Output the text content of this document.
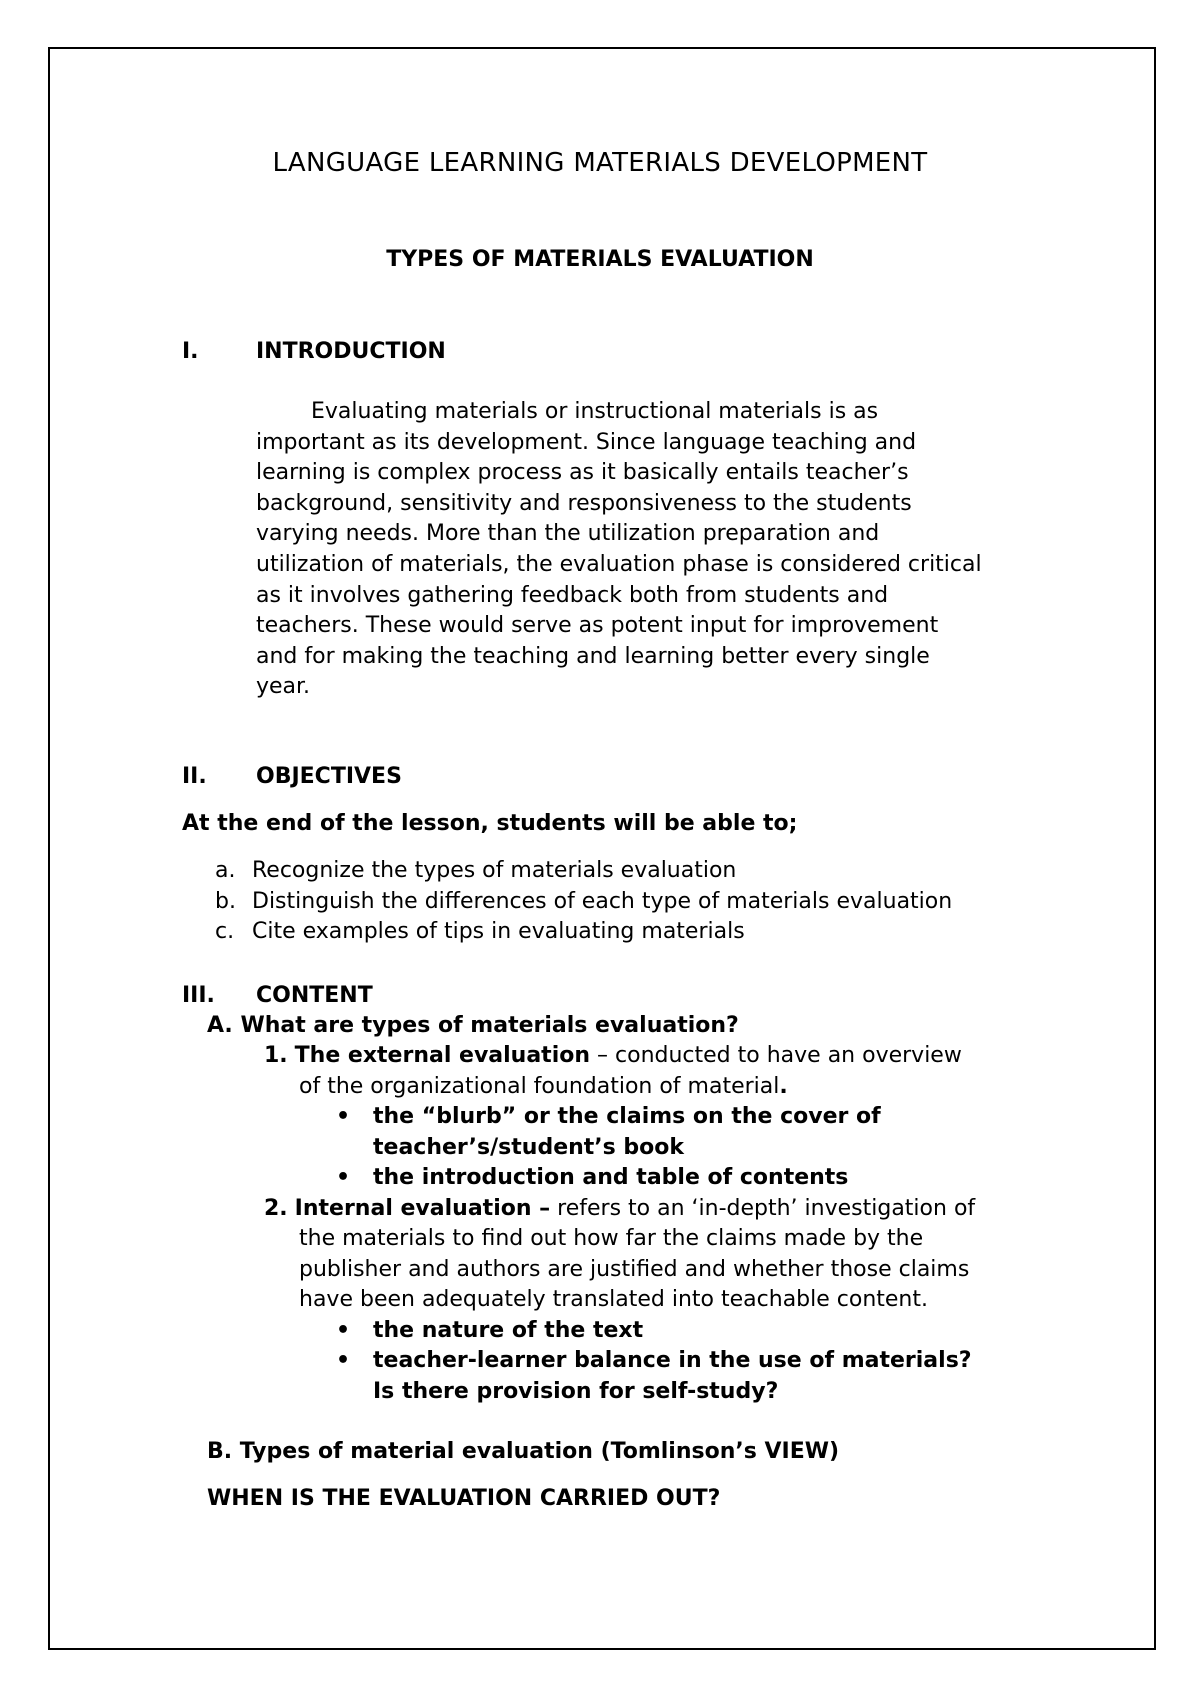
LANGUAGE LEARNING MATERIALS DEVELOPMENT
TYPES OF MATERIALS EVALUATION
I.	INTRODUCTION
Evaluating materials or instructional materials is as
important as its development. Since language teaching and
learning is complex process as it basically entails teacher’s
background, sensitivity and responsiveness to the students
varying needs. More than the utilization preparation and
utilization of materials, the evaluation phase is considered critical
as it involves gathering feedback both from students and
teachers. These would serve as potent input for improvement
and for making the teaching and learning better every single
year.
II. OBJECTIVES
At the end of the lesson, students will be able to;
a. Recognize the types of materials evaluation
b. Distinguish the differences of each type of materials evaluation
c. Cite examples of tips in evaluating materials
III. CONTENT
A. What are types of materials evaluation?
1. The external evaluation – conducted to have an overview
of the organizational foundation of material.
• the “blurb” or the claims on the cover of
teacher’s/student’s book
• the introduction and table of contents
2. Internal evaluation – refers to an ‘in-depth’ investigation of
the materials to find out how far the claims made by the
publisher and authors are justified and whether those claims
have been adequately translated into teachable content.
• the nature of the text
• teacher-learner balance in the use of materials?
Is there provision for self-study?
B. Types of material evaluation (Tomlinson’s VIEW)
WHEN IS THE EVALUATION CARRIED OUT?
